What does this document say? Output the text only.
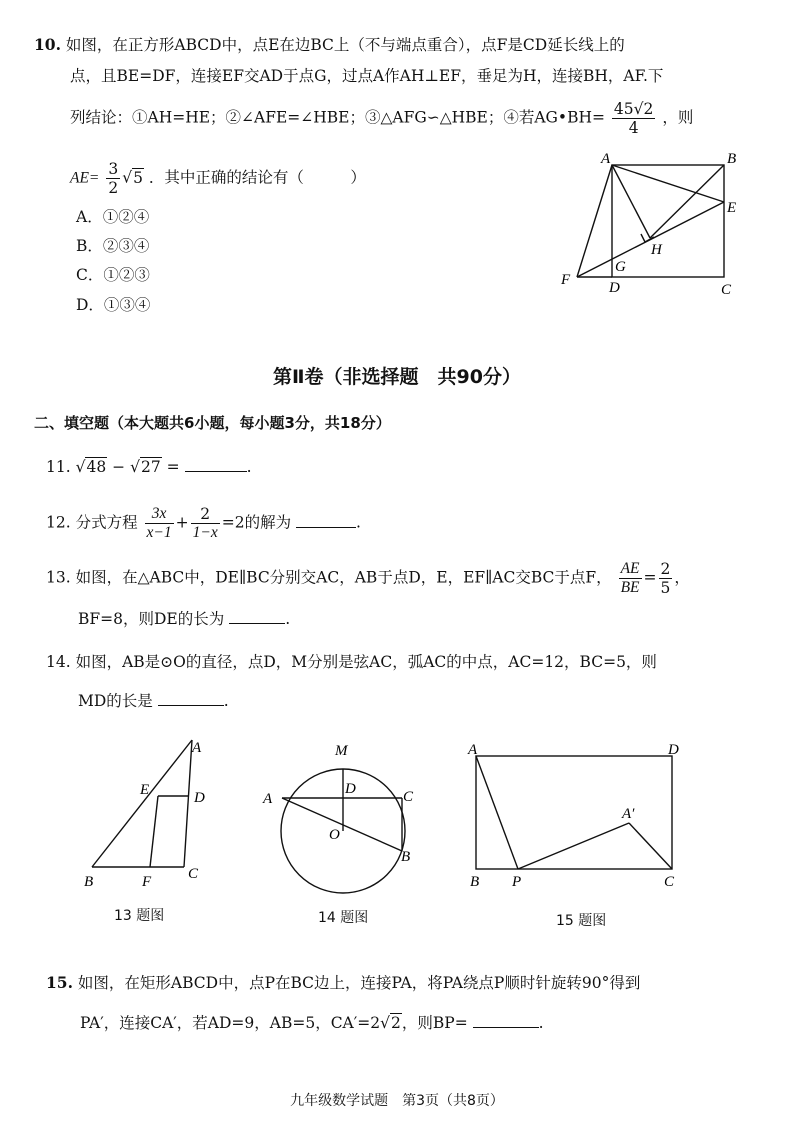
10. 如图，在正方形ABCD中，点E在边BC上（不与端点重合），点F是CD延长线上的
点，且BE=DF，连接EF交AD于点G，过点A作AH⊥EF，垂足为H，连接BH，AF.下
列结论：①AH=HE；②∠AFE=∠HBE；③△AFG∽△HBE；④若AG•BH= $\frac{45√2}{4}$ ，则
$AE= \frac{3}{2} √5$ ．其中正确的结论有（　　　）
A．①②④
B．②③④
C．①②③
D．①③④
A	B
E
H
G
F	D	C
第Ⅱ卷（非选择题　共90分）
二、填空题（本大题共6小题，每小题3分，共18分）
11. √48 − √27 =	.
12. 分式方程 $\frac{3x}{x-1} + \frac{2}{1-x} =2$的解为	.
13. 如图，在△ABC中，DE∥BC分别交AC，AB于点D，E，EF∥AC交BC于点F， $\frac{AE}{BE} = \frac{2}{5}$ ，
BF=8，则DE的长为	.
14. 如图，AB是⊙O的直径，点D，M分别是弦AC，弧AC的中点，AC=12，BC=5，则
MD的长是	.
A
E	D
B	F C
13 题图
M
A
D	C
O
B
14 题图
A	D
A′
B P	C
15 题图
15. 如图，在矩形ABCD中，点P在BC边上，连接PA，将PA绕点P顺时针旋转90°得到
PA′，连接CA′，若AD=9，AB=5，CA′=2√2，则BP=	.
九年级数学试题　第3页（共8页）
